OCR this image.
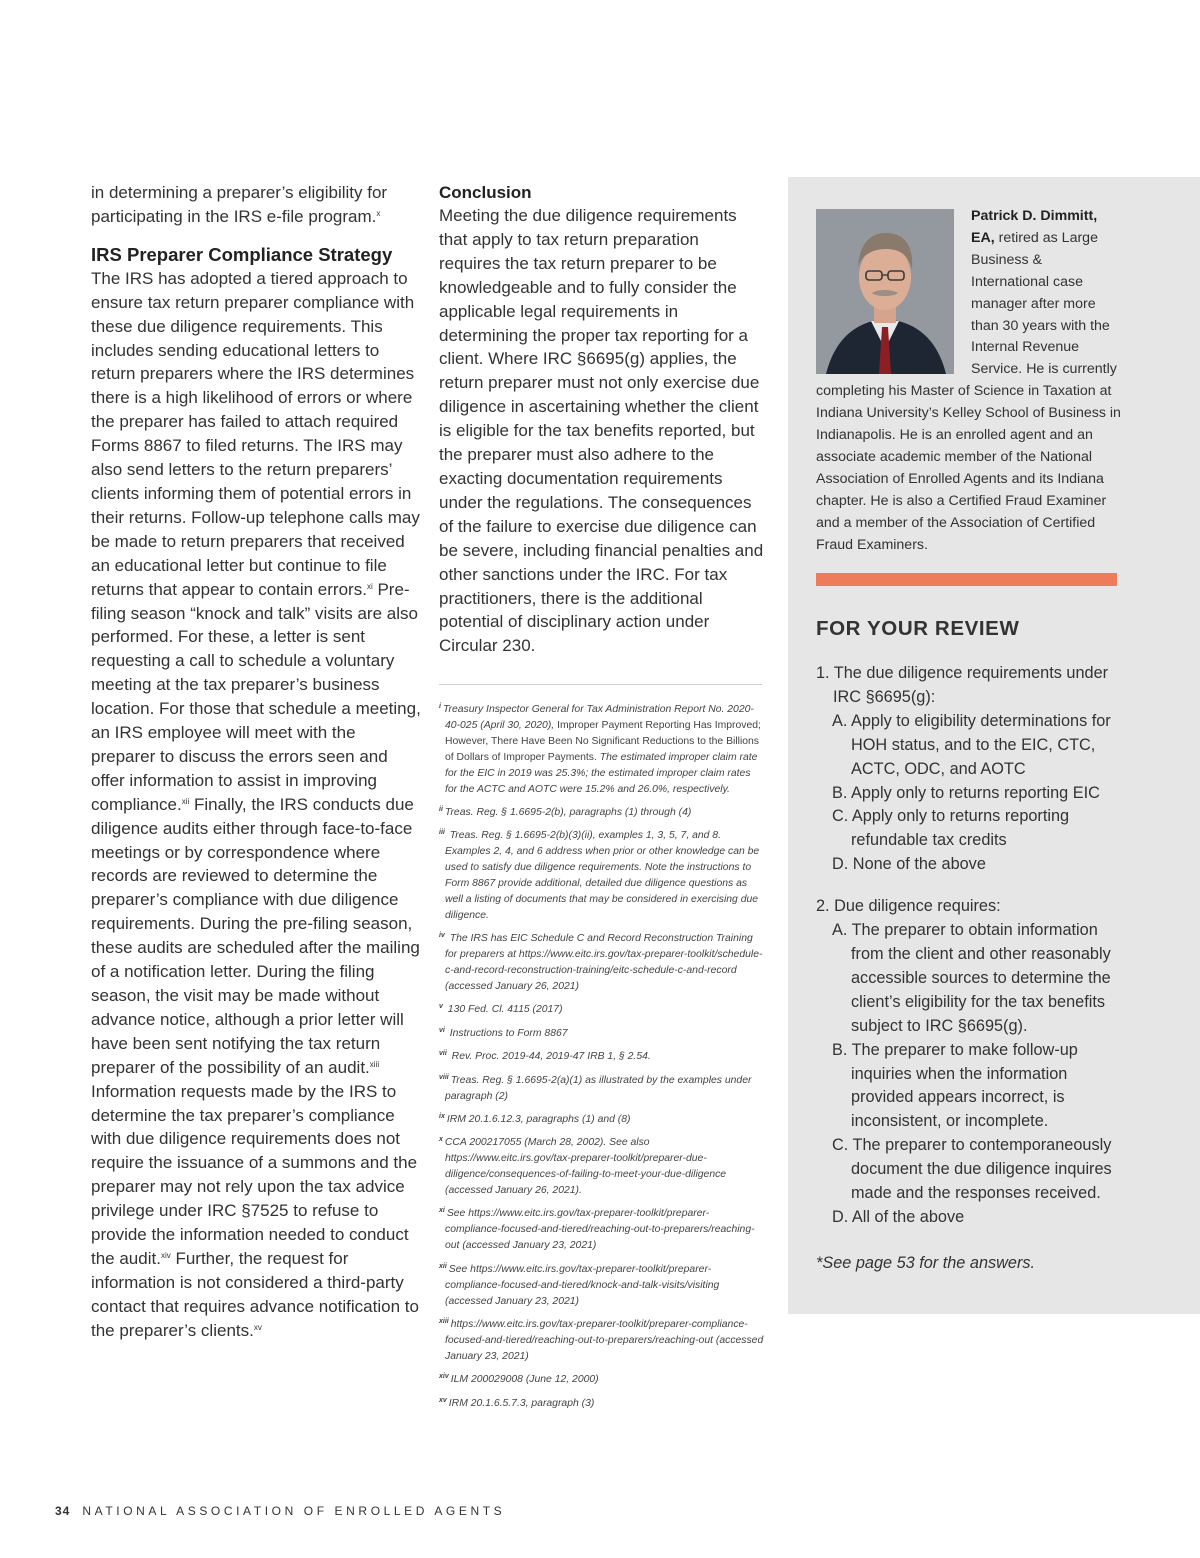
in determining a preparer’s eligibility for participating in the IRS e-file program.$^x$

IRS Preparer Compliance Strategy

The IRS has adopted a tiered approach to ensure tax return preparer compliance with these due diligence requirements. This includes sending educational letters to return preparers where the IRS determines there is a high likelihood of errors or where the preparer has failed to attach required Forms 8867 to filed returns. The IRS may also send letters to the return preparers’ clients informing them of potential errors in their returns. Follow-up telephone calls may be made to return preparers that received an educational letter but continue to file returns that appear to contain errors.$^{xi}$ Pre-filing season “knock and talk” visits are also performed. For these, a letter is sent requesting a call to schedule a voluntary meeting at the tax preparer’s business location. For those that schedule a meeting, an IRS employee will meet with the preparer to discuss the errors seen and offer information to assist in improving compliance.$^{xii}$ Finally, the IRS conducts due diligence audits either through face-to-face meetings or by correspondence where records are reviewed to determine the preparer’s compliance with due diligence requirements. During the pre-filing season, these audits are scheduled after the mailing of a notification letter. During the filing season, the visit may be made without advance notice, although a prior letter will have been sent notifying the tax return preparer of the possibility of an audit.$^{xiii}$ Information requests made by the IRS to determine the tax preparer’s compliance with due diligence requirements does not require the issuance of a summons and the preparer may not rely upon the tax advice privilege under IRC §7525 to refuse to provide the information needed to conduct the audit.$^{xiv}$ Further, the request for information is not considered a third-party contact that requires advance notification to the preparer’s clients.$^{xv}$

Conclusion

Meeting the due diligence requirements that apply to tax return preparation requires the tax return preparer to be knowledgeable and to fully consider the applicable legal requirements in determining the proper tax reporting for a client. Where IRC §6695(g) applies, the return preparer must not only exercise due diligence in ascertaining whether the client is eligible for the tax benefits reported, but the preparer must also adhere to the exacting documentation requirements under the regulations. The consequences of the failure to exercise due diligence can be severe, including financial penalties and other sanctions under the IRC. For tax practitioners, there is the additional potential of disciplinary action under Circular 230.

$^i$ Treasury Inspector General for Tax Administration Report No. 2020-40-025 (April 30, 2020), Improper Payment Reporting Has Improved; However, There Have Been No Significant Reductions to the Billions of Dollars of Improper Payments. The estimated improper claim rate for the EIC in 2019 was 25.3%; the estimated improper claim rates for the ACTC and AOTC were 15.2% and 26.0%, respectively.
$^{ii}$ Treas. Reg. § 1.6695-2(b), paragraphs (1) through (4)
$^{iii}$ Treas. Reg. § 1.6695-2(b)(3)(ii), examples 1, 3, 5, 7, and 8. Examples 2, 4, and 6 address when prior or other knowledge can be used to satisfy due diligence requirements. Note the instructions to Form 8867 provide additional, detailed due diligence questions as well a listing of documents that may be considered in exercising due diligence.
$^{iv}$ The IRS has EIC Schedule C and Record Reconstruction Training for preparers at https://www.eitc.irs.gov/tax-preparer-toolkit/schedule-c-and-record-reconstruction-training/eitc-schedule-c-and-record (accessed January 26, 2021)
$^v$ 130 Fed. Cl. 4115 (2017)
$^{vi}$ Instructions to Form 8867
$^{vii}$ Rev. Proc. 2019-44, 2019-47 IRB 1, § 2.54.
$^{viii}$ Treas. Reg. § 1.6695-2(a)(1) as illustrated by the examples under paragraph (2)
$^{ix}$ IRM 20.1.6.12.3, paragraphs (1) and (8)
$^x$ CCA 200217055 (March 28, 2002). See also https://www.eitc.irs.gov/tax-preparer-toolkit/preparer-due-diligence/consequences-of-failing-to-meet-your-due-diligence (accessed January 26, 2021).
$^{xi}$ See https://www.eitc.irs.gov/tax-preparer-toolkit/preparer-compliance-focused-and-tiered/reaching-out-to-preparers/reaching-out (accessed January 23, 2021)
$^{xii}$ See https://www.eitc.irs.gov/tax-preparer-toolkit/preparer-compliance-focused-and-tiered/knock-and-talk-visits/visiting (accessed January 23, 2021)
$^{xiii}$ https://www.eitc.irs.gov/tax-preparer-toolkit/preparer-compliance-focused-and-tiered/reaching-out-to-preparers/reaching-out (accessed January 23, 2021)
$^{xiv}$ ILM 200029008 (June 12, 2000)
$^{xv}$ IRM 20.1.6.5.7.3, paragraph (3)
Patrick D. Dimmitt, EA, retired as Large Business & International case manager after more than 30 years with the Internal Revenue Service. He is currently completing his Master of Science in Taxation at Indiana University’s Kelley School of Business in Indianapolis. He is an enrolled agent and an associate academic member of the National Association of Enrolled Agents and its Indiana chapter. He is also a Certified Fraud Examiner and a member of the Association of Certified Fraud Examiners.
FOR YOUR REVIEW
1. The due diligence requirements under IRC §6695(g):
A. Apply to eligibility determinations for HOH status, and to the EIC, CTC, ACTC, ODC, and AOTC
B. Apply only to returns reporting EIC
C. Apply only to returns reporting refundable tax credits
D. None of the above
2. Due diligence requires:
A. The preparer to obtain information from the client and other reasonably accessible sources to determine the client’s eligibility for the tax benefits subject to IRC §6695(g).
B. The preparer to make follow-up inquiries when the information provided appears incorrect, is inconsistent, or incomplete.
C. The preparer to contemporaneously document the due diligence inquires made and the responses received.
D. All of the above

*See page 53 for the answers.

34 NATIONAL ASSOCIATION OF ENROLLED AGENTS
